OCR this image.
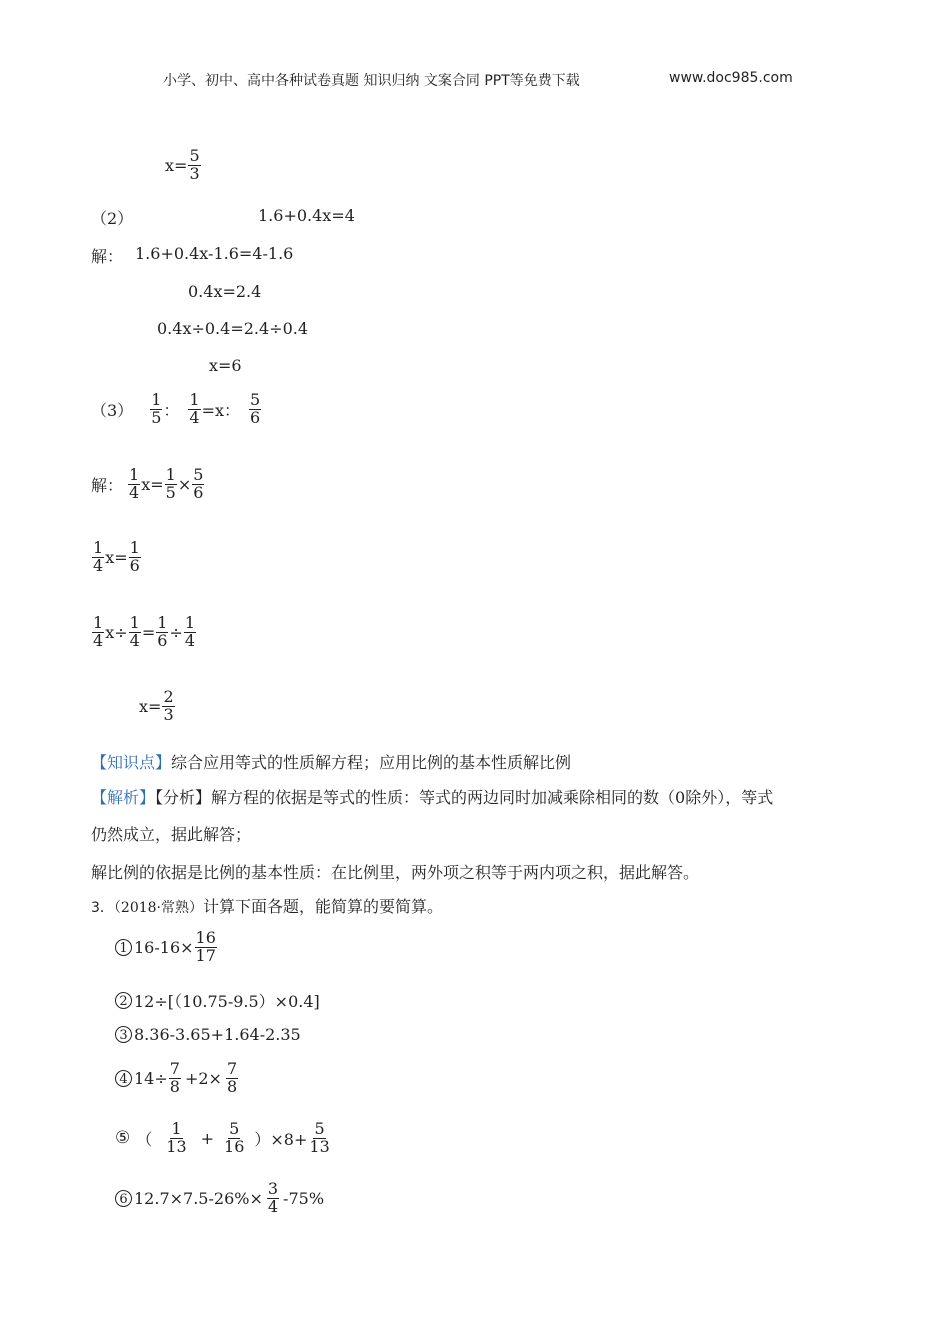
小学、初中、高中各种试卷真题 知识归纳 文案合同 PPT等免费下载	www.doc985.com
$x= \frac{5}{3}$
（2）	1.6+0.4x=4
解： 1.6+0.4x-1.6=4-1.6
0.4x=2.4
0.4x÷0.4=2.4÷0.4
x=6
$(3) \frac{1}{5}$ ： $\frac{1}{4} =x$： $\frac{5}{6}$
解： $\frac{1}{4} x= \frac{1}{5} \times \frac{5}{6}$
$\frac{1}{4} x= \frac{1}{6}$
$\frac{1}{4} x\div \frac{1}{4} = \frac{1}{6} \div \frac{1}{4}$
$x= \frac{2}{3}$
【知识点】综合应用等式的性质解方程；应用比例的基本性质解比例
【解析】【分析】解方程的依据是等式的性质：等式的两边同时加减乘除相同的数（0除外），等式
仍然成立，据此解答；
解比例的依据是比例的基本性质：在比例里，两外项之积等于两内项之积，据此解答。
3．（2018·常熟）计算下面各题，能简算的要简算。
1 $16-16\times \frac{16}{17}$
2 12÷[（10.75-9.5）×0.4]
3 8.36-3.65+1.64-2.35
4 $14\div \frac{7}{8} +2\times \frac{7}{8}$
⑤ （ $\frac{1}{13} + \frac{5}{16} )\times 8+ \frac{5}{13}$
6 $12.7\times 7.5-26\%\times \frac{3}{4} -75\%$
